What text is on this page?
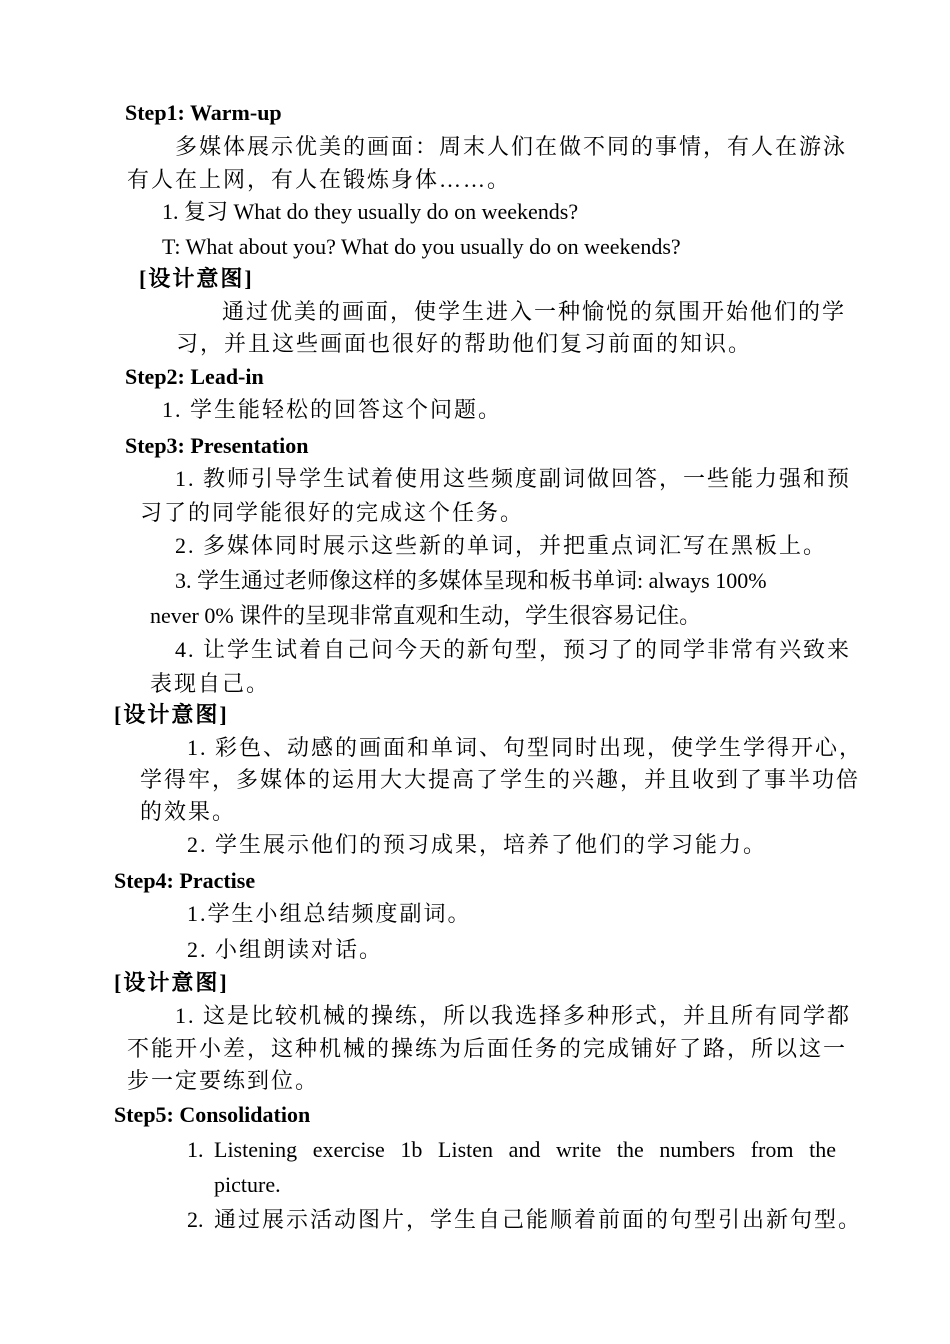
Step1: Warm-up
多媒体展示优美的画面：周末人们在做不同的事情，有人在游泳
有人在上网，有人在锻炼身体……。
1. 复习 What do they usually do on weekends?
T: What about you? What do you usually do on weekends?
[设计意图]
通过优美的画面，使学生进入一种愉悦的氛围开始他们的学
习，并且这些画面也很好的帮助他们复习前面的知识。
Step2: Lead-in
1. 学生能轻松的回答这个问题。
Step3: Presentation
1. 教师引导学生试着使用这些频度副词做回答，一些能力强和预
习了的同学能很好的完成这个任务。
2. 多媒体同时展示这些新的单词，并把重点词汇写在黑板上。
3. 学生通过老师像这样的多媒体呈现和板书单词: always 100%
never 0% 课件的呈现非常直观和生动，学生很容易记住。
4. 让学生试着自己问今天的新句型，预习了的同学非常有兴致来
表现自己。
[设计意图]
1. 彩色、动感的画面和单词、句型同时出现，使学生学得开心，
学得牢，多媒体的运用大大提高了学生的兴趣，并且收到了事半功倍
的效果。
2. 学生展示他们的预习成果，培养了他们的学习能力。
Step4: Practise
1.学生小组总结频度副词。
2. 小组朗读对话。
[设计意图]
1. 这是比较机械的操练，所以我选择多种形式，并且所有同学都
不能开小差，这种机械的操练为后面任务的完成铺好了路，所以这一
步一定要练到位。
Step5: Consolidation
1. Listening exercise 1b Listen and write the numbers from the
picture.
2. 通过展示活动图片，学生自己能顺着前面的句型引出新句型。
